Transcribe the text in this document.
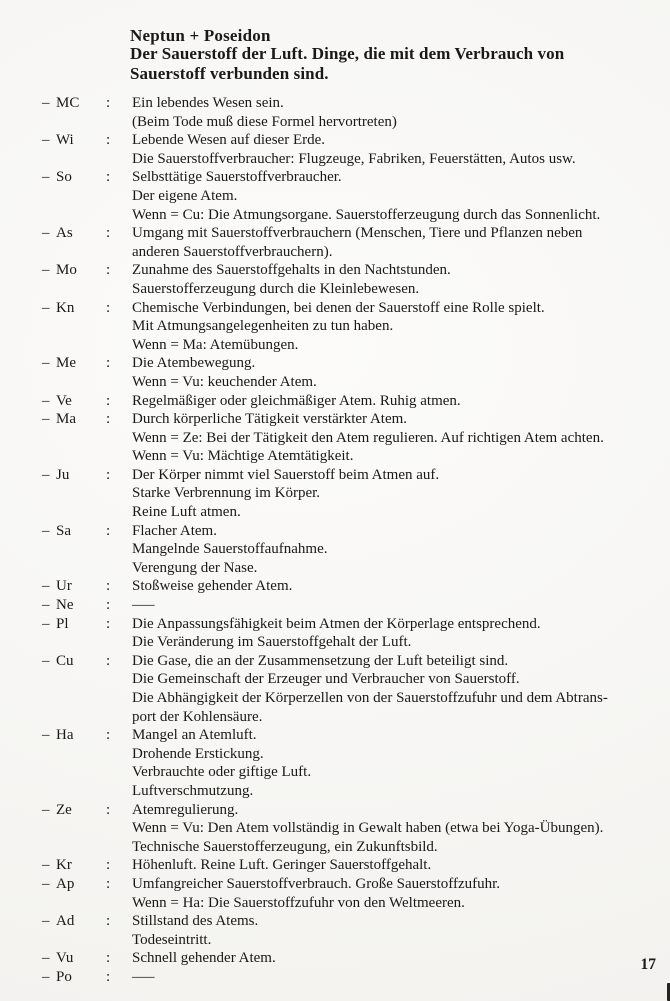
Neptun + Poseidon
Der Sauerstoff der Luft. Dinge, die mit dem Verbrauch von
Sauerstoff verbunden sind.
– MC	:	Ein lebendes Wesen sein.
(Beim Tode muß diese Formel hervortreten)
– Wi	:	Lebende Wesen auf dieser Erde.
Die Sauerstoffverbraucher: Flugzeuge, Fabriken, Feuerstätten, Autos usw.
– So	:	Selbsttätige Sauerstoffverbraucher.
Der eigene Atem.
Wenn = Cu: Die Atmungsorgane. Sauerstofferzeugung durch das Sonnenlicht.
– As	:	Umgang mit Sauerstoffverbrauchern (Menschen, Tiere und Pflanzen neben
anderen Sauerstoffverbrauchern).
– Mo	:	Zunahme des Sauerstoffgehalts in den Nachtstunden.
Sauerstofferzeugung durch die Kleinlebewesen.
– Kn	:	Chemische Verbindungen, bei denen der Sauerstoff eine Rolle spielt.
Mit Atmungsangelegenheiten zu tun haben.
Wenn = Ma: Atemübungen.
– Me	:	Die Atembewegung.
Wenn = Vu: keuchender Atem.
– Ve	:	Regelmäßiger oder gleichmäßiger Atem. Ruhig atmen.
– Ma	:	Durch körperliche Tätigkeit verstärkter Atem.
Wenn = Ze: Bei der Tätigkeit den Atem regulieren. Auf richtigen Atem achten.
Wenn = Vu: Mächtige Atemtätigkeit.
– Ju	:	Der Körper nimmt viel Sauerstoff beim Atmen auf.
Starke Verbrennung im Körper.
Reine Luft atmen.
– Sa	:	Flacher Atem.
Mangelnde Sauerstoffaufnahme.
Verengung der Nase.
– Ur	:	Stoßweise gehender Atem.
– Ne	:	–––
– Pl	:	Die Anpassungsfähigkeit beim Atmen der Körperlage entsprechend.
Die Veränderung im Sauerstoffgehalt der Luft.
– Cu	:	Die Gase, die an der Zusammensetzung der Luft beteiligt sind.
Die Gemeinschaft der Erzeuger und Verbraucher von Sauerstoff.
Die Abhängigkeit der Körperzellen von der Sauerstoffzufuhr und dem Abtrans-
port der Kohlensäure.
– Ha	:	Mangel an Atemluft.
Drohende Erstickung.
Verbrauchte oder giftige Luft.
Luftverschmutzung.
– Ze	:	Atemregulierung.
Wenn = Vu: Den Atem vollständig in Gewalt haben (etwa bei Yoga-Übungen).
Technische Sauerstofferzeugung, ein Zukunftsbild.
– Kr	:	Höhenluft. Reine Luft. Geringer Sauerstoffgehalt.
– Ap	:	Umfangreicher Sauerstoffverbrauch. Große Sauerstoffzufuhr.
Wenn = Ha: Die Sauerstoffzufuhr von den Weltmeeren.
– Ad	:	Stillstand des Atems.
Todeseintritt.
– Vu	:	Schnell gehender Atem.
– Po	:	–––
17
